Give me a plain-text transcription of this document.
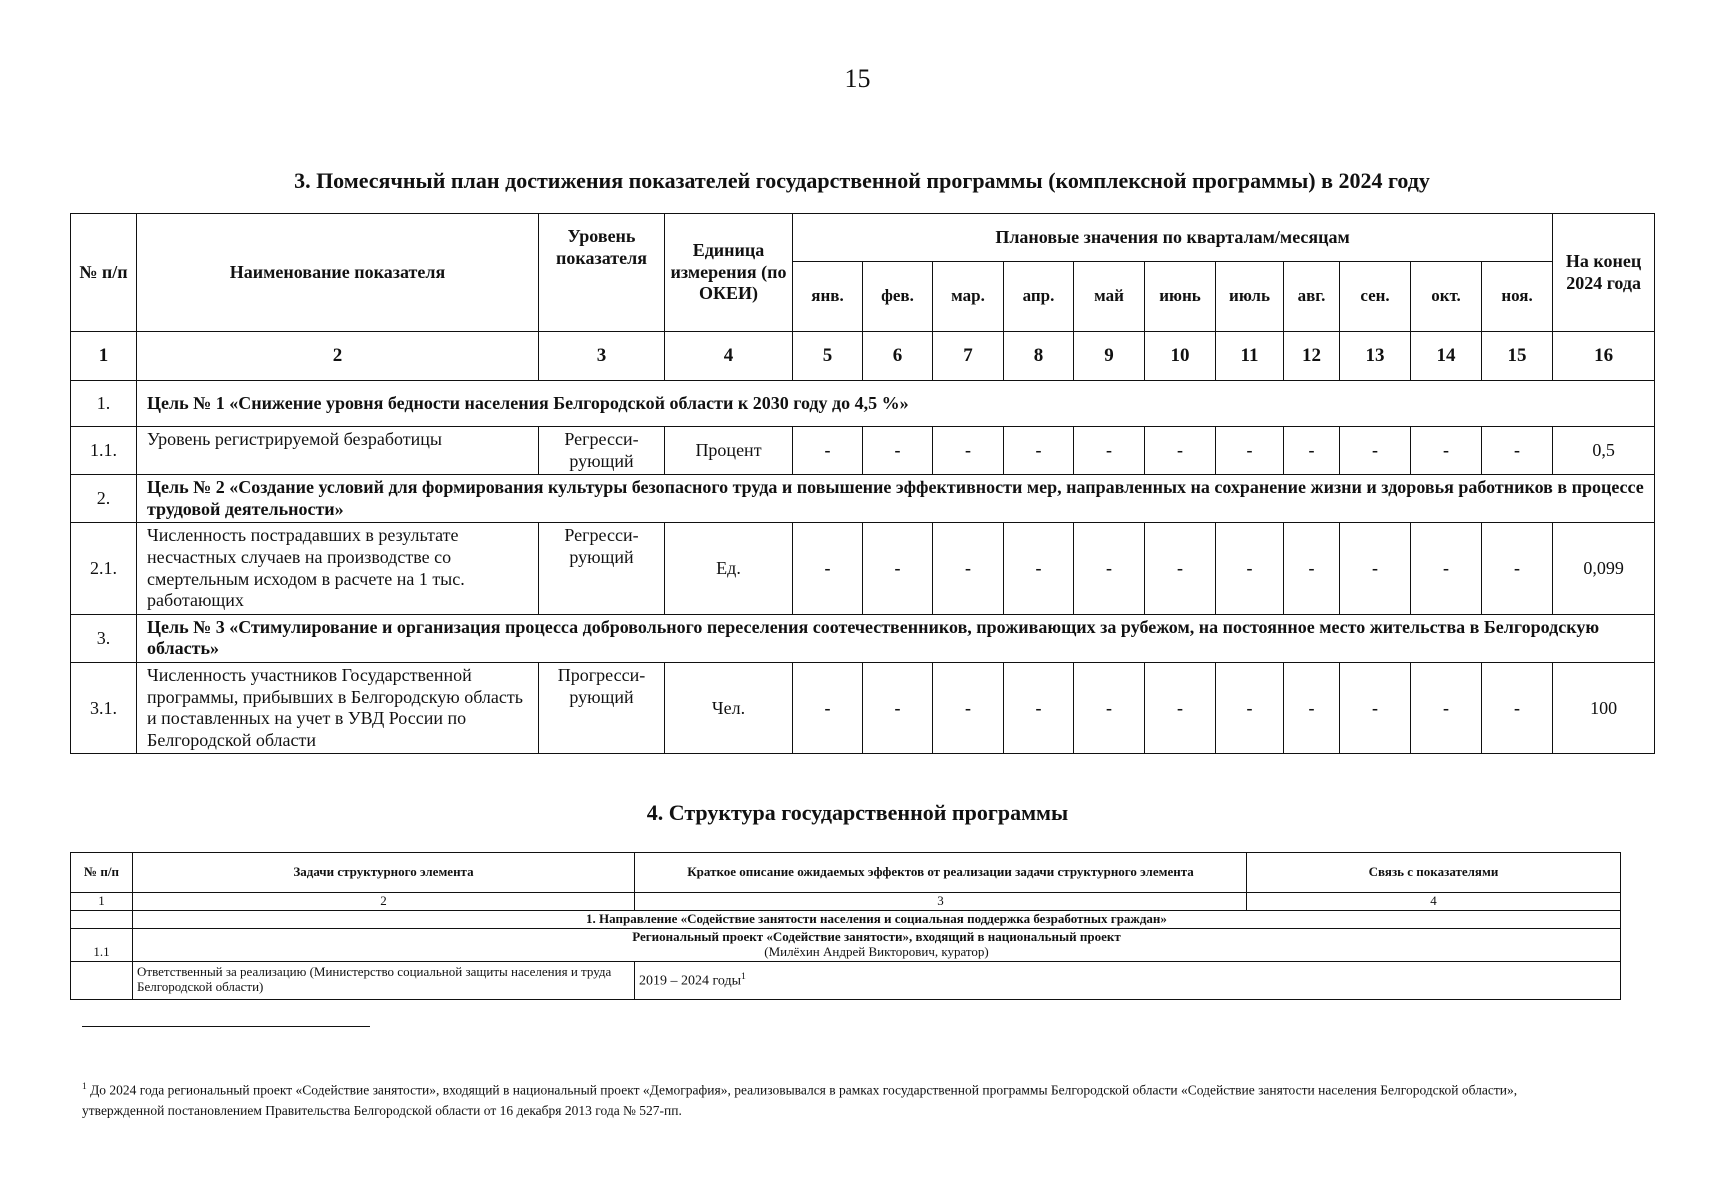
15
3. Помесячный план достижения показателей государственной программы (комплексной программы) в 2024 году
№ п/п	Наименование показателя	Уровень показателя	Единица измерения (по ОКЕИ)	Плановые значения по кварталам/месяцам											На конец 2024 года
				янв.	фев.	мар.	апр.	май	июнь	июль	авг.	сен.	окт.	ноя.	
1	2	3	4	5	6	7	8	9	10	11	12	13	14	15	16
1.	Цель № 1 «Снижение уровня бедности населения Белгородской области к 2030 году до 4,5 %»														
1.1.	Уровень регистрируемой безработицы	Регресси-рующий	Процент	-	-	-	-	-	-	-	-	-	-	-	0,5
2.	Цель № 2 «Создание условий для формирования культуры безопасного труда и повышение эффективности мер, направленных на сохранение жизни и здоровья работников в процессе трудовой деятельности»														
2.1.	Численность пострадавших в результате несчастных случаев на производстве со смертельным исходом в расчете на 1 тыс. работающих	Регресси-рующий	Ед.	-	-	-	-	-	-	-	-	-	-	-	0,099
3.	Цель № 3 «Стимулирование и организация процесса добровольного переселения соотечественников, проживающих за рубежом, на постоянное место жительства в Белгородскую область»														
3.1.	Численность участников Государственной программы, прибывших в Белгородскую область и поставленных на учет в УВД России по Белгородской области	Прогресси-рующий	Чел.	-	-	-	-	-	-	-	-	-	-	-	100
4. Структура государственной программы
№ п/п	Задачи структурного элемента	Краткое описание ожидаемых эффектов от реализации задачи структурного элемента	Связь с показателями
1	2	3	4
	1. Направление «Содействие занятости населения и социальная поддержка безработных граждан»		
1.1	Региональный проект «Содействие занятости», входящий в национальный проект
(Милёхин Андрей Викторович, куратор)		

	Ответственный за реализацию (Министерство социальной защиты населения и труда Белгородской области)	2019 – 2024 годы$^1$
$^1$ До 2024 года региональный проект «Содействие занятости», входящий в национальный проект «Демография», реализовывался в рамках государственной программы Белгородской области «Содействие занятости населения Белгородской области», утвержденной постановлением Правительства Белгородской области от 16 декабря 2013 года № 527-пп.
